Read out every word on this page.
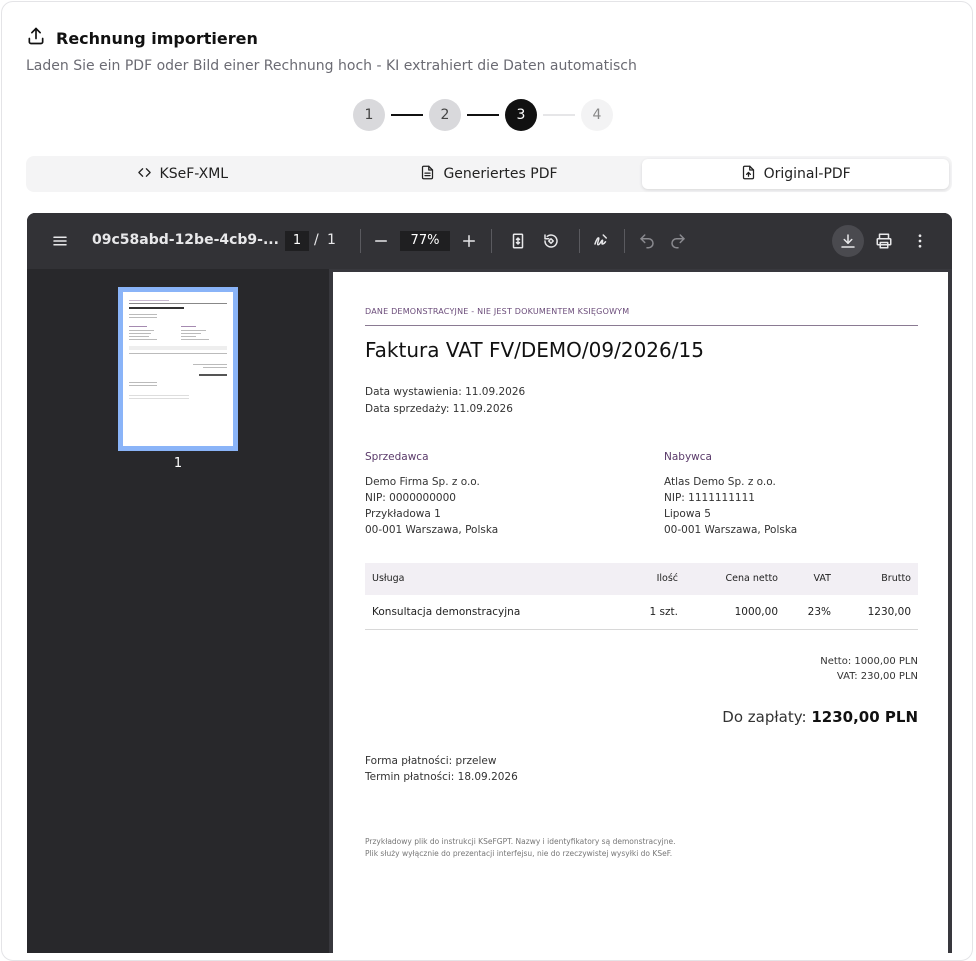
Rechnung importieren
Laden Sie ein PDF oder Bild einer Rechnung hoch - KI extrahiert die Daten automatisch
1	2	3	4
KSeF-XML	Generiertes PDF	Original-PDF
09c58abd-12be-4cb9-...	1 / 1	77%
1
DANE DEMONSTRACYJNE - NIE JEST DOKUMENTEM KSIĘGOWYM
Faktura VAT FV/DEMO/09/2026/15
Data wystawienia: 11.09.2026
Data sprzedaży: 11.09.2026
Sprzedawca
Demo Firma Sp. z o.o.
NIP: 0000000000
Przykładowa 1
00-001 Warszawa, Polska
Nabywca
Atlas Demo Sp. z o.o.
NIP: 1111111111
Lipowa 5
00-001 Warszawa, Polska
Usługa	Ilość	Cena netto	VAT	Brutto
Konsultacja demonstracyjna	1 szt.	1000,00	23%	1230,00
Netto: 1000,00 PLN
VAT: 230,00 PLN
Do zapłaty: 1230,00 PLN
Forma płatności: przelew
Termin płatności: 18.09.2026
Przykładowy plik do instrukcji KSeFGPT. Nazwy i identyfikatory są demonstracyjne.
Plik służy wyłącznie do prezentacji interfejsu, nie do rzeczywistej wysyłki do KSeF.
